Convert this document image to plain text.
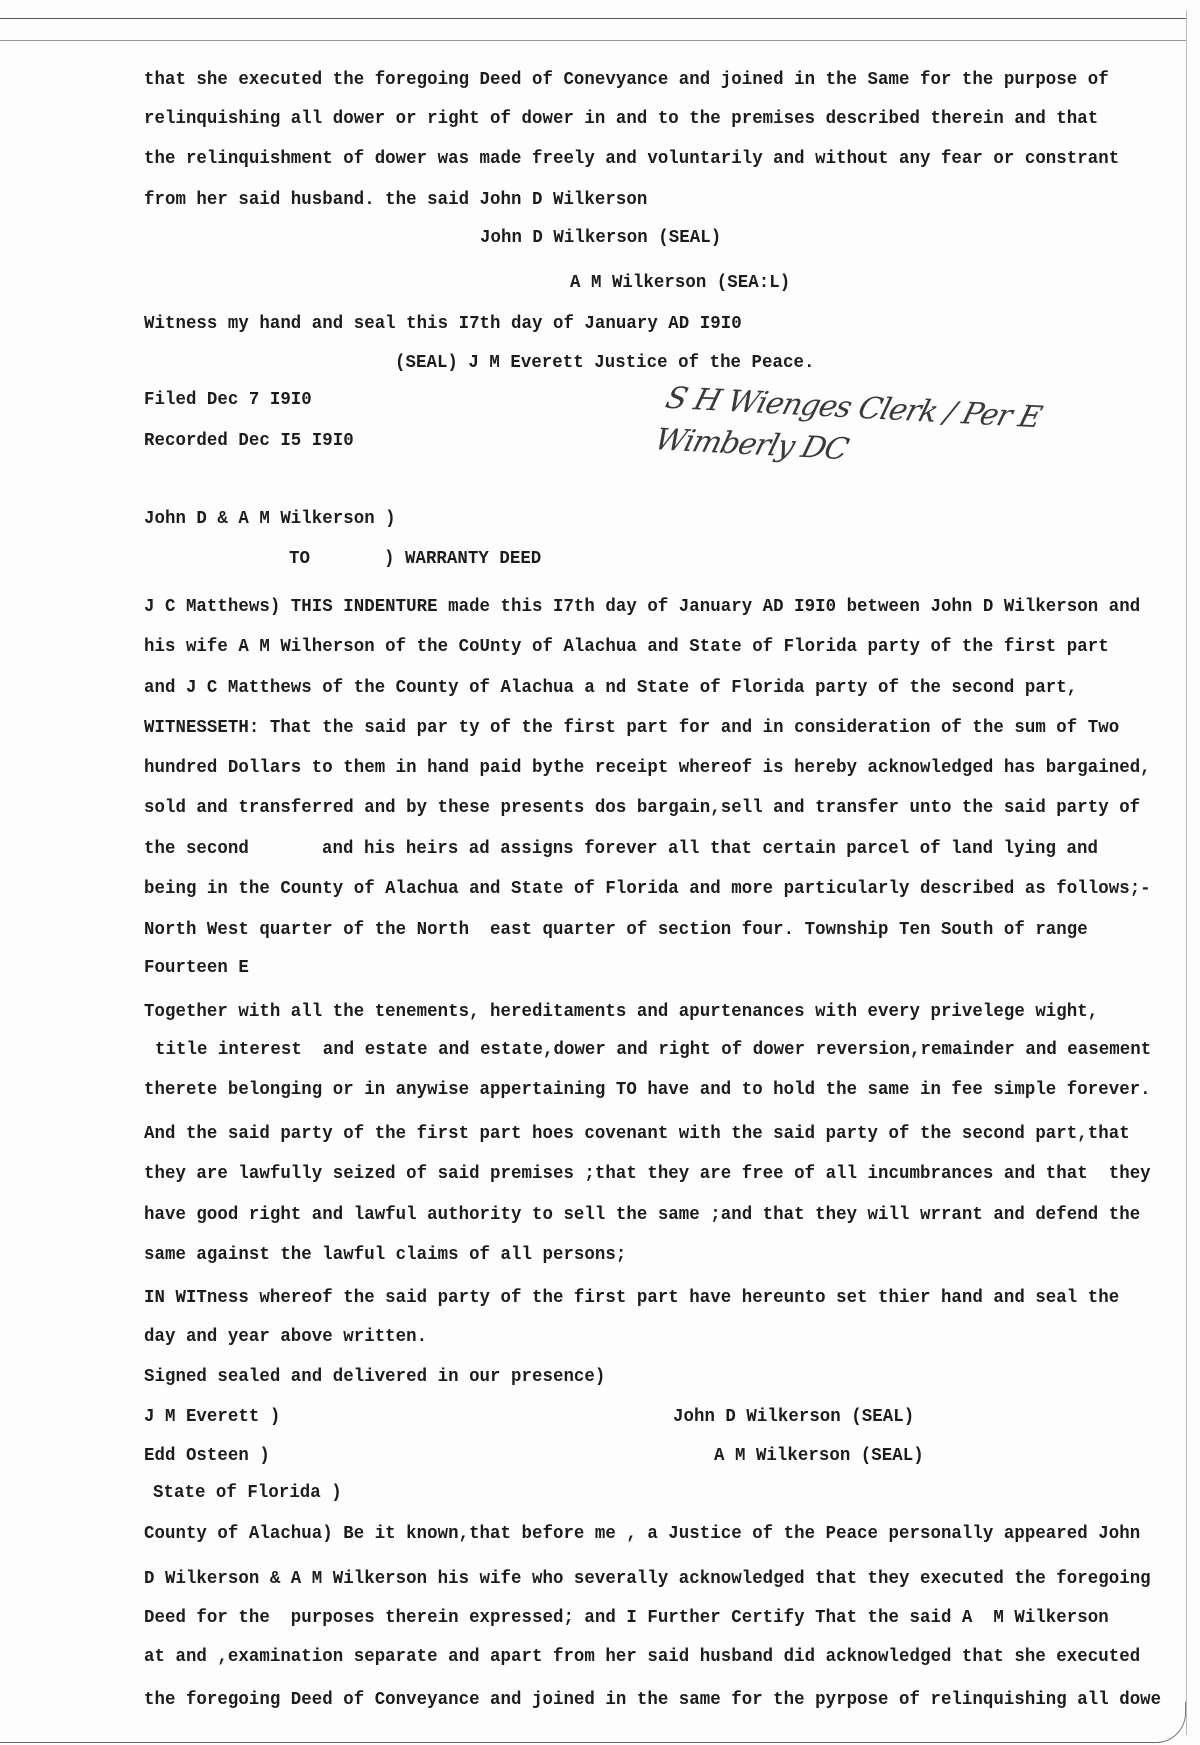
that she executed the foregoing Deed of Conevyance and joined in the Same for the purpose of
relinquishing all dower or right of dower in and to the premises described therein and that
the relinquishment of dower was made freely and voluntarily and without any fear or constrant
from her said husband. the said John D Wilkerson
John D Wilkerson (SEAL)
A M Wilkerson (SEA:L)
Witness my hand and seal this I7th day of January AD I9I0
(SEAL) J M Everett Justice of the Peace.
Filed Dec 7 I9I0
Recorded Dec I5 I9I0
S H Wienges Clerk / Per E Wimberly DC
John D & A M Wilkerson )
TO	) WARRANTY DEED
J C Matthews) THIS INDENTURE made this I7th day of January AD I9I0 between John D Wilkerson and
his wife A M Wilherson of the CoUnty of Alachua and State of Florida party of the first part
and J C Matthews of the County of Alachua a nd State of Florida party of the second part,
WITNESSETH: That the said par ty of the first part for and in consideration of the sum of Two
hundred Dollars to them in hand paid bythe receipt whereof is hereby acknowledged has bargained,
sold and transferred and by these presents dos bargain,sell and transfer unto the said party of
the second	and his heirs ad assigns forever all that certain parcel of land lying and
being in the County of Alachua and State of Florida and more particularly described as follows;-
North West quarter of the North  east quarter of section four. Township Ten South of range
Fourteen E
Together with all the tenements, hereditaments and apurtenances with every privelege wight,
title interest  and estate and estate,dower and right of dower reversion,remainder and easement
therete belonging or in anywise appertaining TO have and to hold the same in fee simple forever.
And the said party of the first part hoes covenant with the said party of the second part,that
they are lawfully seized of said premises ;that they are free of all incumbrances and that  they
have good right and lawful authority to sell the same ;and that they will wrrant and defend the
same against the lawful claims of all persons;
IN WITness whereof the said party of the first part have hereunto set thier hand and seal the
day and year above written.
Signed sealed and delivered in our presence)
J M Everett )	John D Wilkerson (SEAL)
Edd Osteen )	A M Wilkerson (SEAL)
State of Florida )
County of Alachua) Be it known,that before me , a Justice of the Peace personally appeared John
D Wilkerson & A M Wilkerson his wife who severally acknowledged that they executed the foregoing
Deed for the  purposes therein expressed; and I Further Certify That the said A  M Wilkerson
at and ,examination separate and apart from her said husband did acknowledged that she executed
the foregoing Deed of Conveyance and joined in the same for the pyrpose of relinquishing all dowe
